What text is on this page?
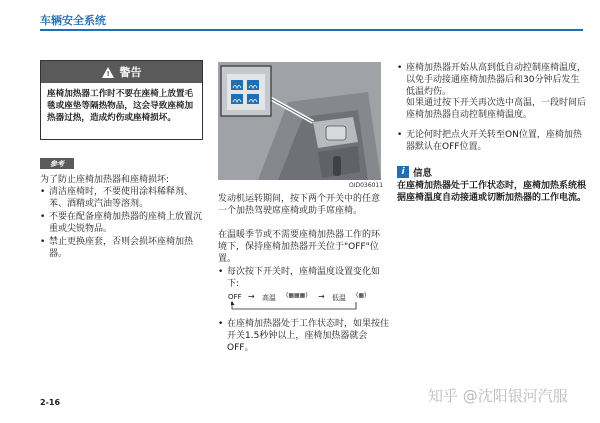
车辆安全系统
! 警告
座椅加热器工作时不要在座椅上放置毛毯或座垫等隔热物品，这会导致座椅加热器过热，造成灼伤或座椅损坏。
参考
为了防止座椅加热器和座椅损坏:
• 清洁座椅时，不要使用涂料稀释剂、苯、酒精或汽油等溶剂。
• 不要在配备座椅加热器的座椅上放置沉重或尖锐物品。
• 禁止更换座套，否则会损坏座椅加热器。
OID036011
发动机运转期间，按下两个开关中的任意一个加热驾驶席座椅或助手席座椅。
在温暖季节或不需要座椅加热器工作的环境下，保持座椅加热器开关位于"OFF"位置。
• 每次按下开关时，座椅温度设置变化如下:
OFF → 高温 (▦▦▦) → 低温 (▦)
• 在座椅加热器处于工作状态时，如果按住开关1.5秒钟以上，座椅加热器就会OFF。
• 座椅加热器开始从高到低自动控制座椅温度，以免手动接通座椅加热器后和30分钟后发生低温灼伤。
如果通过按下开关再次选中高温，一段时间后座椅加热器自动控制座椅温度。
• 无论何时把点火开关转至ON位置，座椅加热器默认在OFF位置。
i 信息
在座椅加热器处于工作状态时，座椅加热系统根据座椅温度自动接通或切断加热器的工作电流。
2-16	知乎 @沈阳银河汽服
